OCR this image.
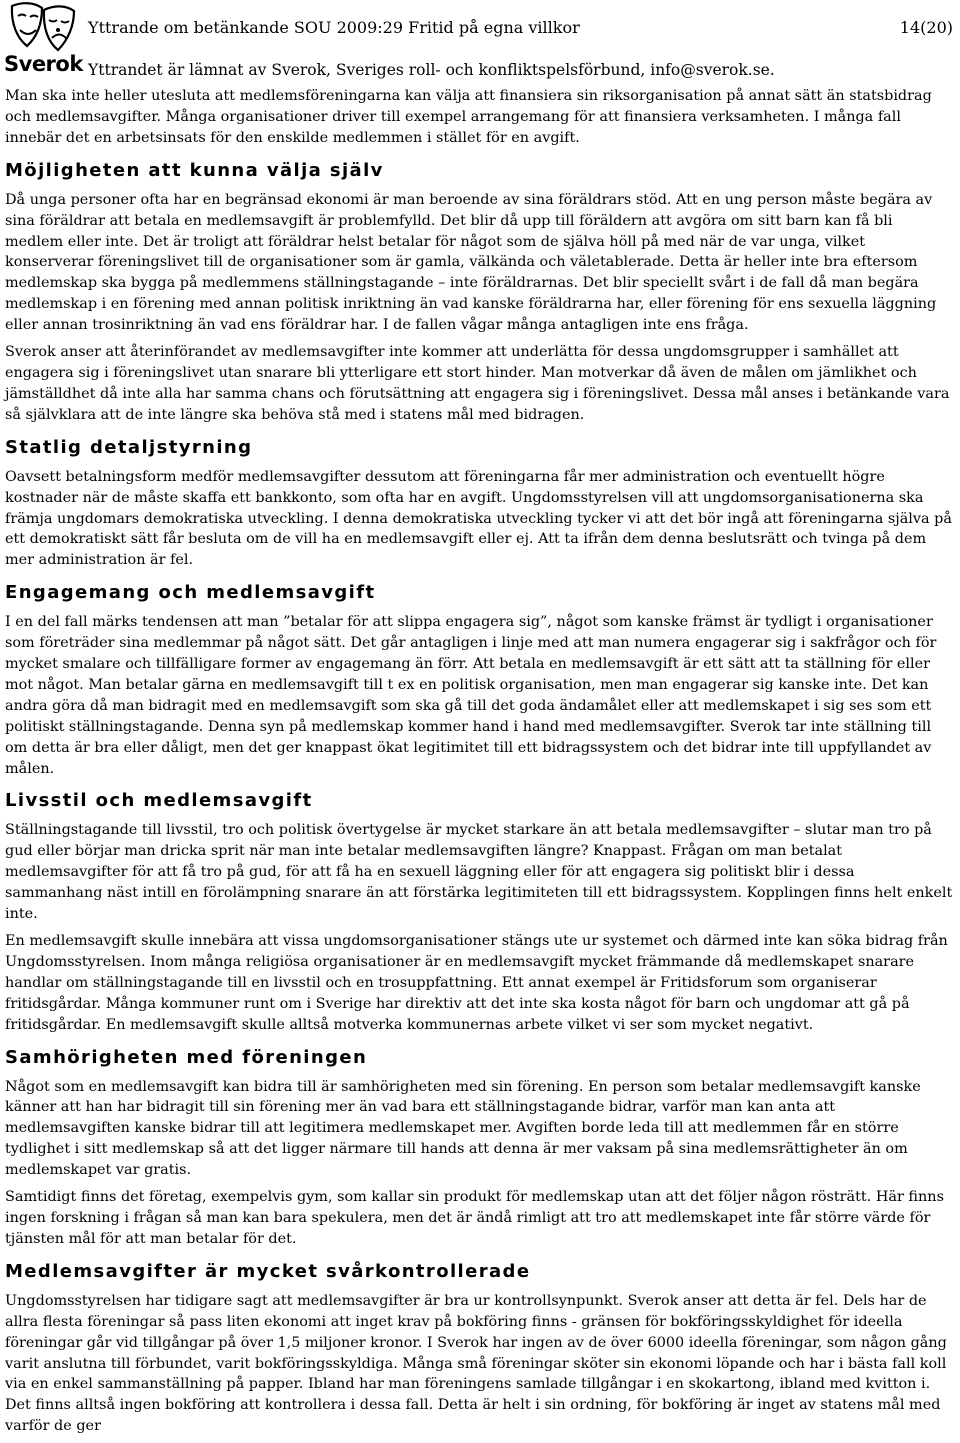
Sverok
Yttrande om betänkande SOU 2009:29 Fritid på egna villkor	14(20)
Yttrandet är lämnat av Sverok, Sveriges roll- och konfliktspelsförbund, info@sverok.se.

Man ska inte heller utesluta att medlemsföreningarna kan välja att finansiera sin riksorganisation på annat sätt än statsbidrag och medlemsavgifter. Många organisationer driver till exempel arrangemang för att finansiera verksamheten. I många fall innebär det en arbetsinsats för den enskilde medlemmen i stället för en avgift.

Möjligheten att kunna välja själv

Då unga personer ofta har en begränsad ekonomi är man beroende av sina föräldrars stöd. Att en ung person måste begära av sina föräldrar att betala en medlemsavgift är problemfylld. Det blir då upp till föräldern att avgöra om sitt barn kan få bli medlem eller inte. Det är troligt att föräldrar helst betalar för något som de själva höll på med när de var unga, vilket konserverar föreningslivet till de organisationer som är gamla, välkända och väletablerade. Detta är heller inte bra eftersom medlemskap ska bygga på medlemmens ställningstagande – inte föräldrarnas. Det blir speciellt svårt i de fall då man begära medlemskap i en förening med annan politisk inriktning än vad kanske föräldrarna har, eller förening för ens sexuella läggning eller annan trosinriktning än vad ens föräldrar har. I de fallen vågar många antagligen inte ens fråga.

Sverok anser att återinförandet av medlemsavgifter inte kommer att underlätta för dessa ungdomsgrupper i samhället att engagera sig i föreningslivet utan snarare bli ytterligare ett stort hinder. Man motverkar då även de målen om jämlikhet och jämställdhet då inte alla har samma chans och förutsättning att engagera sig i föreningslivet. Dessa mål anses i betänkande vara så självklara att de inte längre ska behöva stå med i statens mål med bidragen.

Statlig detaljstyrning

Oavsett betalningsform medför medlemsavgifter dessutom att föreningarna får mer administration och eventuellt högre kostnader när de måste skaffa ett bankkonto, som ofta har en avgift. Ungdomsstyrelsen vill att ungdomsorganisationerna ska främja ungdomars demokratiska utveckling. I denna demokratiska utveckling tycker vi att det bör ingå att föreningarna själva på ett demokratiskt sätt får besluta om de vill ha en medlemsavgift eller ej. Att ta ifrån dem denna beslutsrätt och tvinga på dem mer administration är fel.

Engagemang och medlemsavgift

I en del fall märks tendensen att man ”betalar för att slippa engagera sig”, något som kanske främst är tydligt i organisationer som företräder sina medlemmar på något sätt. Det går antagligen i linje med att man numera engagerar sig i sakfrågor och för mycket smalare och tillfälligare former av engagemang än förr. Att betala en medlemsavgift är ett sätt att ta ställning för eller mot något. Man betalar gärna en medlemsavgift till t ex en politisk organisation, men man engagerar sig kanske inte. Det kan andra göra då man bidragit med en medlemsavgift som ska gå till det goda ändamålet eller att medlemskapet i sig ses som ett politiskt ställningstagande. Denna syn på medlemskap kommer hand i hand med medlemsavgifter. Sverok tar inte ställning till om detta är bra eller dåligt, men det ger knappast ökat legitimitet till ett bidragssystem och det bidrar inte till uppfyllandet av målen.

Livsstil och medlemsavgift

Ställningstagande till livsstil, tro och politisk övertygelse är mycket starkare än att betala medlemsavgifter – slutar man tro på gud eller börjar man dricka sprit när man inte betalar medlemsavgiften längre? Knappast. Frågan om man betalat medlemsavgifter för att få tro på gud, för att få ha en sexuell läggning eller för att engagera sig politiskt blir i dessa sammanhang näst intill en förolämpning snarare än att förstärka legitimiteten till ett bidragssystem. Kopplingen finns helt enkelt inte.

En medlemsavgift skulle innebära att vissa ungdomsorganisationer stängs ute ur systemet och därmed inte kan söka bidrag från Ungdomsstyrelsen. Inom många religiösa organisationer är en medlemsavgift mycket främmande då medlemskapet snarare handlar om ställningstagande till en livsstil och en trosuppfattning. Ett annat exempel är Fritidsforum som organiserar fritidsgårdar. Många kommuner runt om i Sverige har direktiv att det inte ska kosta något för barn och ungdomar att gå på fritidsgårdar. En medlemsavgift skulle alltså motverka kommunernas arbete vilket vi ser som mycket negativt.

Samhörigheten med föreningen

Något som en medlemsavgift kan bidra till är samhörigheten med sin förening. En person som betalar medlemsavgift kanske känner att han har bidragit till sin förening mer än vad bara ett ställningstagande bidrar, varför man kan anta att medlemsavgiften kanske bidrar till att legitimera medlemskapet mer. Avgiften borde leda till att medlemmen får en större tydlighet i sitt medlemskap så att det ligger närmare till hands att denna är mer vaksam på sina medlemsrättigheter än om medlemskapet var gratis.

Samtidigt finns det företag, exempelvis gym, som kallar sin produkt för medlemskap utan att det följer någon rösträtt. Här finns ingen forskning i frågan så man kan bara spekulera, men det är ändå rimligt att tro att medlemskapet inte får större värde för tjänsten mål för att man betalar för det.

Medlemsavgifter är mycket svårkontrollerade

Ungdomsstyrelsen har tidigare sagt att medlemsavgifter är bra ur kontrollsynpunkt. Sverok anser att detta är fel. Dels har de allra flesta föreningar så pass liten ekonomi att inget krav på bokföring finns - gränsen för bokföringsskyldighet för ideella föreningar går vid tillgångar på över 1,5 miljoner kronor. I Sverok har ingen av de över 6000 ideella föreningar, som någon gång varit anslutna till förbundet, varit bokföringsskyldiga. Många små föreningar sköter sin ekonomi löpande och har i bästa fall koll via en enkel sammanställning på papper. Ibland har man föreningens samlade tillgångar i en skokartong, ibland med kvitton i. Det finns alltså ingen bokföring att kontrollera i dessa fall. Detta är helt i sin ordning, för bokföring är inget av statens mål med varför de ger
